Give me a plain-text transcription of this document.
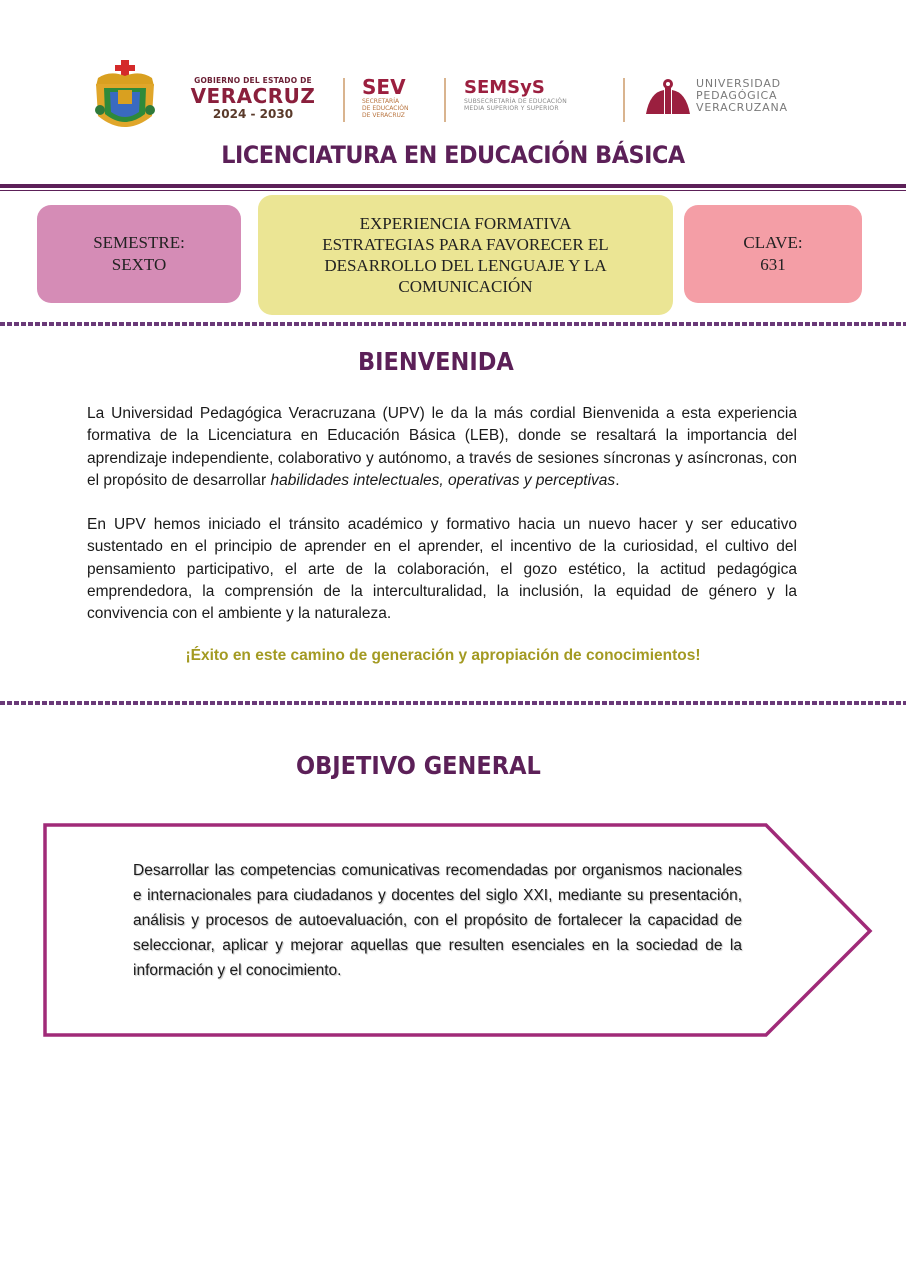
GOBIERNO DEL ESTADO DE
VERACRUZ
2024 - 2030
SEV
SECRETARÍA
DE EDUCACIÓN
DE VERACRUZ
SEMSyS
SUBSECRETARÍA DE EDUCACIÓN
MEDIA SUPERIOR Y SUPERIOR
UNIVERSIDAD
PEDAGÓGICA
VERACRUZANA
LICENCIATURA EN EDUCACIÓN BÁSICA
SEMESTRE:
SEXTO
EXPERIENCIA FORMATIVA
ESTRATEGIAS PARA FAVORECER EL
DESARROLLO DEL LENGUAJE Y LA
COMUNICACIÓN
CLAVE:
631
BIENVENIDA
La Universidad Pedagógica Veracruzana (UPV) le da la más cordial Bienvenida a esta experiencia formativa de la Licenciatura en Educación Básica (LEB), donde se resaltará la importancia del aprendizaje independiente, colaborativo y autónomo, a través de sesiones síncronas y asíncronas, con el propósito de desarrollar habilidades intelectuales, operativas y perceptivas.
En UPV hemos iniciado el tránsito académico y formativo hacia un nuevo hacer y ser educativo sustentado en el principio de aprender en el aprender, el incentivo de la curiosidad, el cultivo del pensamiento participativo, el arte de la colaboración, el gozo estético, la actitud pedagógica emprendedora, la comprensión de la interculturalidad, la inclusión, la equidad de género y la convivencia con el ambiente y la naturaleza.
¡Éxito en este camino de generación y apropiación de conocimientos!
OBJETIVO GENERAL
Desarrollar las competencias comunicativas recomendadas por organismos nacionales e internacionales para ciudadanos y docentes del siglo XXI, mediante su presentación, análisis y procesos de autoevaluación, con el propósito de fortalecer la capacidad de seleccionar, aplicar y mejorar aquellas que resulten esenciales en la sociedad de la información y el conocimiento.
